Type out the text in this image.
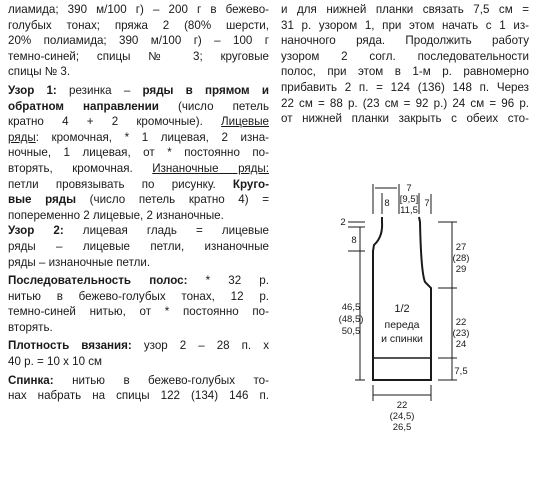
лиамида; 390 м/100 г) – 200 г в бежево-
голубых тонах; пряжа 2 (80% шерсти,
20% полиамида; 390 м/100 г) – 100 г
темно-синей; спицы № 3; круговые
спицы № 3.
Узор 1: резинка – ряды в прямом и
обратном направлении (число петель
кратно 4 + 2 кромочные). Лицевые
ряды: кромочная, * 1 лицевая, 2 изна-
ночные, 1 лицевая, от * постоянно по-
вторять, кромочная. Изнаночные ряды:
петли провязывать по рисунку. Круго-
вые ряды (число петель кратно 4) =
попеременно 2 лицевые, 2 изнаночные.
Узор 2: лицевая гладь = лицевые
ряды – лицевые петли, изнаночные
ряды – изнаночные петли.
Последовательность полос: * 32 р.
нитью в бежево-голубых тонах, 12 р.
темно-синей нитью, от * постоянно по-
вторять.
Плотность вязания: узор 2 – 28 п. х
40 р. = 10 х 10 см
Спинка: нитью в бежево-голубых то-
нах набрать на спицы 122 (134) 146 п.
и для нижней планки связать 7,5 см =
31 р. узором 1, при этом начать с 1 из-
наночного ряда. Продолжить работу
узором 2 согл. последовательности
полос, при этом в 1-м р. равномерно
прибавить 2 п. = 124 (136) 148 п. Через
22 см = 88 р. (23 см = 92 р.) 24 см = 96 р.
от нижней планки закрыть с обеих сто-
7
[9,5]
11,5
8	7
2
8
27
(28)
29
46,5
(48,5)
50,5
22
(23)
24
7,5
1/2
переда
и спинки
22
(24,5)
26,5
